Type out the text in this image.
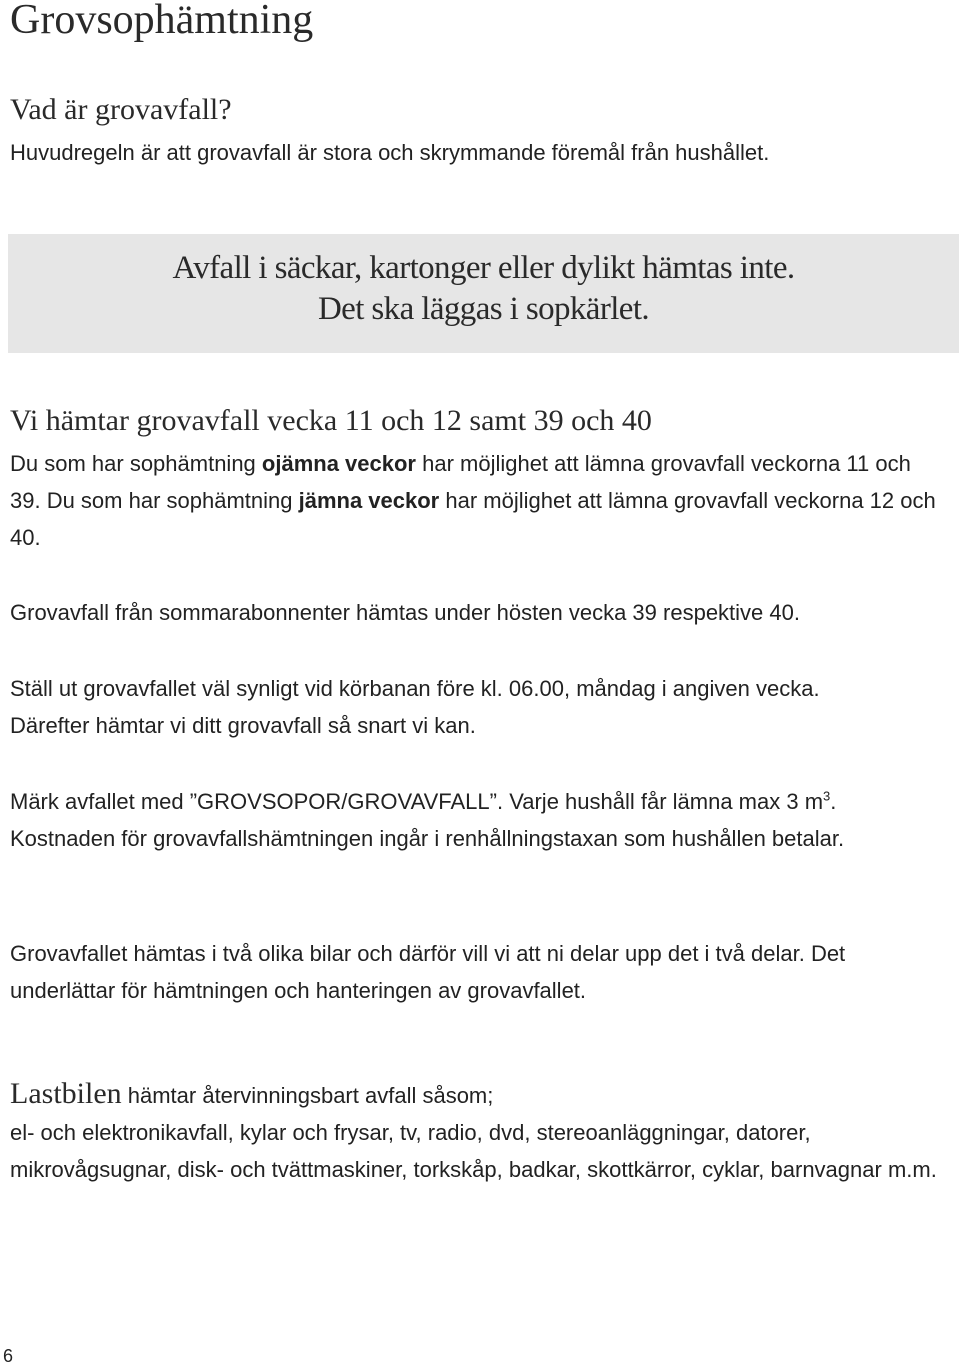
Grovsophämtning
Vad är grovavfall?

Huvudregeln är att grovavfall är stora och skrymmande föremål från hushållet.

Avfall i säckar, kartonger eller dylikt hämtas inte.
Det ska läggas i sopkärlet.
Vi hämtar grovavfall vecka 11 och 12 samt 39 och 40

Du som har sophämtning ojämna veckor har möjlighet att lämna grovavfall veckorna 11 och 39. Du som har sophämtning jämna veckor har möjlighet att lämna grovavfall veckorna 12 och 40.

Grovavfall från sommarabonnenter hämtas under hösten vecka 39 respektive 40.

Ställ ut grovavfallet väl synligt vid körbanan före kl. 06.00, måndag i angiven vecka. Därefter hämtar vi ditt grovavfall så snart vi kan.

Märk avfallet med ”GROVSOPOR/GROVAVFALL”. Varje hushåll får lämna max 3 $m^3$. Kostnaden för grovavfallshämtningen ingår i renhållningstaxan som hushållen betalar.

Grovavfallet hämtas i två olika bilar och därför vill vi att ni delar upp det i två delar. Det underlättar för hämtningen och hanteringen av grovavfallet.

Lastbilen hämtar återvinningsbart avfall såsom;
el- och elektronikavfall, kylar och frysar, tv, radio, dvd, stereoanläggningar, datorer, mikrovågsugnar, disk- och tvättmaskiner, torkskåp, badkar, skottkärror, cyklar, barnvagnar m.m.

6
